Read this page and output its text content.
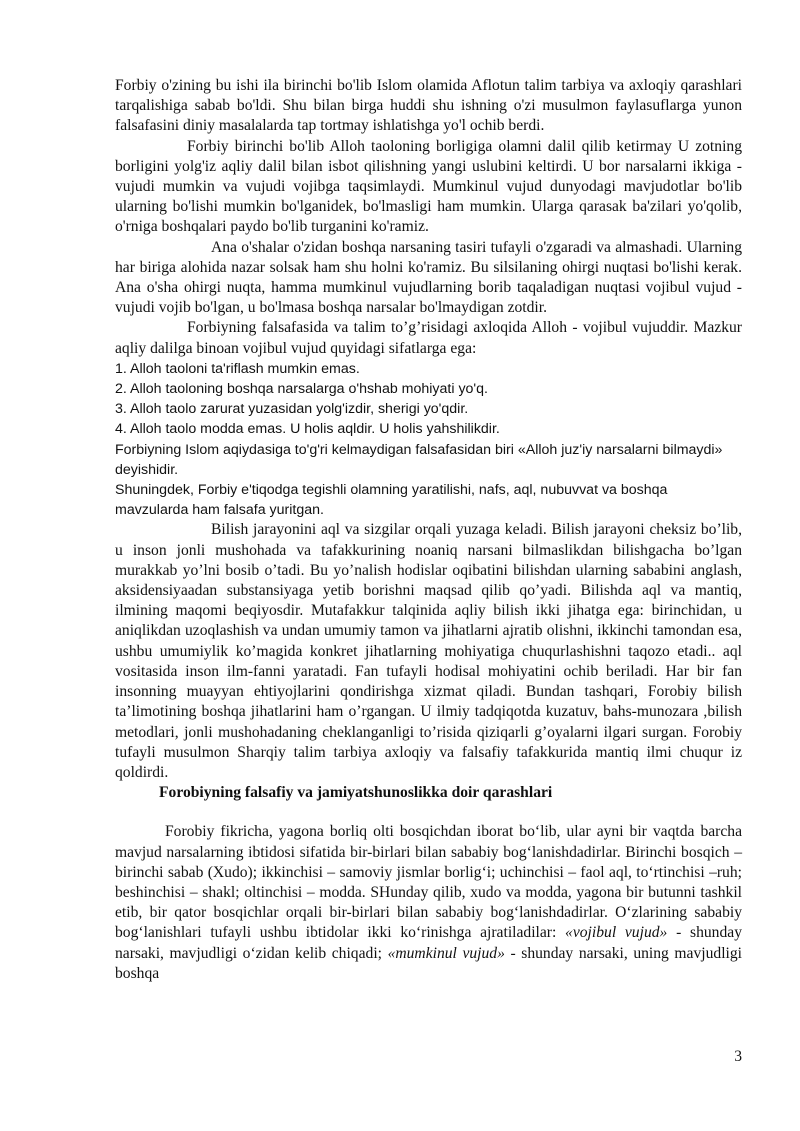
Forbiy o'zining bu ishi ila birinchi bo'lib Islom olamida Aflotun talim tarbiya va axloqiy qarashlari tarqalishiga sabab bo'ldi. Shu bilan birga huddi shu ishning o'zi musulmon faylasuflarga yunon falsafasini diniy masalalarda tap tortmay ishlatishga yo'l ochib berdi.

Forbiy birinchi bo'lib Alloh taoloning borligiga olamni dalil qilib ketirmay U zotning borligini yolg'iz aqliy dalil bilan isbot qilishning yangi uslubini keltirdi. U bor narsalarni ikkiga - vujudi mumkin va vujudi vojibga taqsimlaydi. Mumkinul vujud dunyodagi mavjudotlar bo'lib ularning bo'lishi mumkin bo'lganidek, bo'lmasligi ham mumkin. Ularga qarasak ba'zilari yo'qolib, o'rniga boshqalari paydo bo'lib turganini ko'ramiz.

Ana o'shalar o'zidan boshqa narsaning tasiri tufayli o'zgaradi va almashadi. Ularning har biriga alohida nazar solsak ham shu holni ko'ramiz. Bu silsilaning ohirgi nuqtasi bo'lishi kerak. Ana o'sha ohirgi nuqta, hamma mumkinul vujudlarning borib taqaladigan nuqtasi vojibul vujud - vujudi vojib bo'lgan, u bo'lmasa boshqa narsalar bo'lmaydigan zotdir.

Forbiyning falsafasida va talim to’g’risidagi axloqida Alloh - vojibul vujuddir. Mazkur aqliy dalilga binoan vojibul vujud quyidagi sifatlarga ega:

1. Alloh taoloni ta'riflash mumkin emas.

2. Alloh taoloning boshqa narsalarga o'hshab mohiyati yo'q.

3. Alloh taolo zarurat yuzasidan yolg'izdir, sherigi yo'qdir.

4. Alloh taolo modda emas. U holis aqldir. U holis yahshilikdir.

Forbiyning Islom aqiydasiga to'g'ri kelmaydigan falsafasidan biri «Alloh juz'iy narsalarni bilmaydi» deyishidir.

Shuningdek, Forbiy e'tiqodga tegishli olamning yaratilishi, nafs, aql, nubuvvat va boshqa mavzularda ham falsafa yuritgan.

Bilish jarayonini aql va sizgilar orqali yuzaga keladi. Bilish jarayoni cheksiz bo’lib, u inson jonli mushohada va tafakkurining noaniq narsani bilmaslikdan bilishgacha bo’lgan murakkab yo’lni bosib o’tadi. Bu yo’nalish hodislar oqibatini bilishdan ularning sababini anglash, aksidensiyaadan substansiyaga yetib borishni maqsad qilib qo’yadi. Bilishda aql va mantiq, ilmining maqomi beqiyosdir. Mutafakkur talqinida aqliy bilish ikki jihatga ega: birinchidan, u aniqlikdan uzoqlashish va undan umumiy tamon va jihatlarni ajratib olishni, ikkinchi tamondan esa, ushbu umumiylik ko’magida konkret jihatlarning mohiyatiga chuqurlashishni taqozo etadi.. aql vositasida inson ilm-fanni yaratadi. Fan tufayli hodisal mohiyatini ochib beriladi. Har bir fan insonning muayyan ehtiyojlarini qondirishga xizmat qiladi. Bundan tashqari, Forobiy bilish ta’limotining boshqa jihatlarini ham o’rgangan. U ilmiy tadqiqotda kuzatuv, bahs-munozara ,bilish metodlari, jonli mushohadaning cheklanganligi to’risida qiziqarli g’oyalarni ilgari surgan. Forobiy tufayli musulmon Sharqiy talim tarbiya axloqiy va falsafiy tafakkurida mantiq ilmi chuqur iz qoldirdi.

Forobiyning falsafiy va jamiyatshunoslikka doir qarashlari

Forobiy fikricha, yagona borliq olti bosqichdan iborat bo‘lib, ular ayni bir vaqtda barcha mavjud narsalarning ibtidosi sifatida bir-birlari bilan sababiy bog‘lanishdadirlar. Birinchi bosqich – birinchi sabab (Xudo); ikkinchisi – samoviy jismlar borlig‘i; uchinchisi – faol aql, to‘rtinchisi –ruh; beshinchisi – shakl; oltinchisi – modda. SHunday qilib, xudo va modda, yagona bir butunni tashkil etib, bir qator bosqichlar orqali bir-birlari bilan sababiy bog‘lanishdadirlar. O‘zlarining sababiy bog‘lanishlari tufayli ushbu ibtidolar ikki ko‘rinishga ajratiladilar: «vojibul vujud» - shunday narsaki, mavjudligi o‘zidan kelib chiqadi; «mumkinul vujud» - shunday narsaki, uning mavjudligi boshqa

3
